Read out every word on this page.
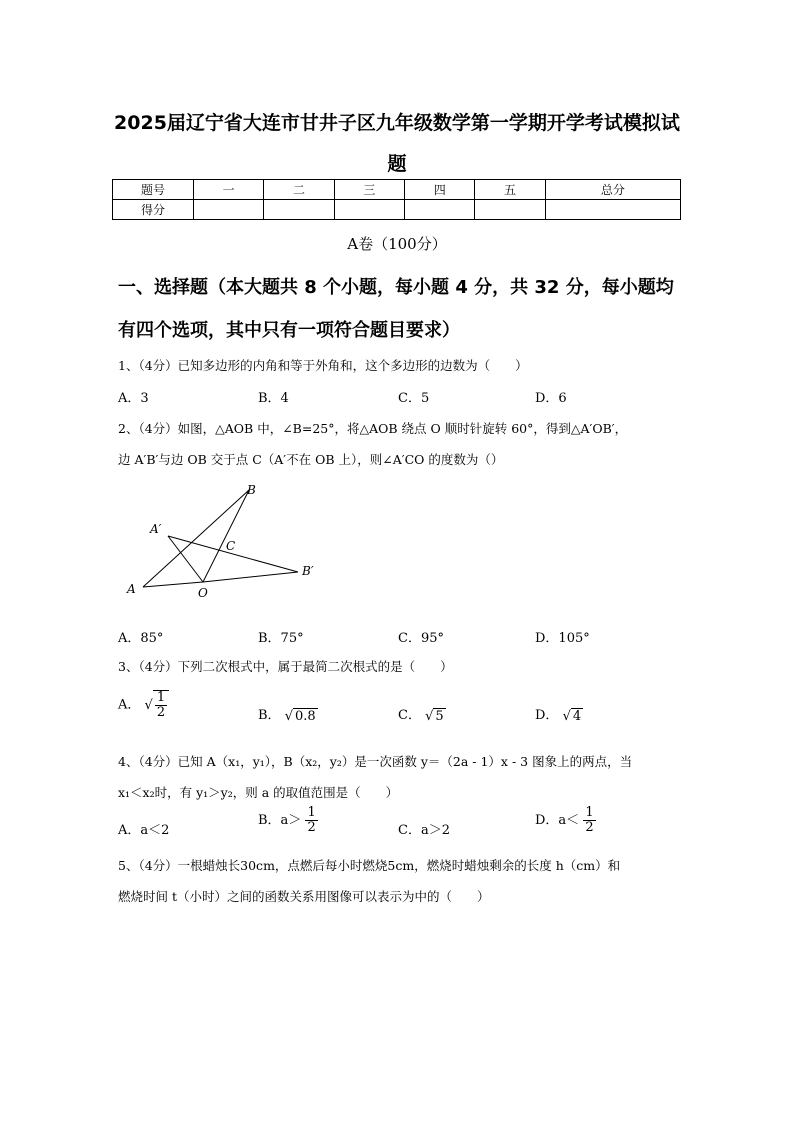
2025届辽宁省大连市甘井子区九年级数学第一学期开学考试模拟试
题
题号	一	二	三	四	五	总分
得分						
A卷（100分）
一、选择题（本大题共 8 个小题，每小题 4 分，共 32 分，每小题均
有四个选项，其中只有一项符合题目要求）
1、（4分）已知多边形的内角和等于外角和，这个多边形的边数为（　　）
A．3	B．4	C．5	D．6
2、（4分）如图，△AOB 中，∠B=25°，将△AOB 绕点 O 顺时针旋转 60°，得到△A′OB′，
边 A′B′与边 OB 交于点 C（A′不在 OB 上），则∠A′CO 的度数为（）
B
A′
C
B′
A	O
A．85°	B．75°	C．95°	D．105°
3、（4分）下列二次根式中，属于最简二次根式的是（　　）
A． √ $\frac{1}{2}$	B． √ 0.8	C． √ 5	D． √ 4
4、（4分）已知 A（x₁，y₁），B（x₂，y₂）是一次函数 y＝（2a - 1）x - 3 图象上的两点，当
x₁＜x₂时，有 y₁＞y₂，则 a 的取值范围是（　　）
A．a＜2
B．$a> \frac{1}{2}$	C．a＞2
D．$a< \frac{1}{2}$
5、（4分）一根蜡烛长30cm，点燃后每小时燃烧5cm，燃烧时蜡烛剩余的长度 h（cm）和
燃烧时间 t（小时）之间的函数关系用图像可以表示为中的（　　）
